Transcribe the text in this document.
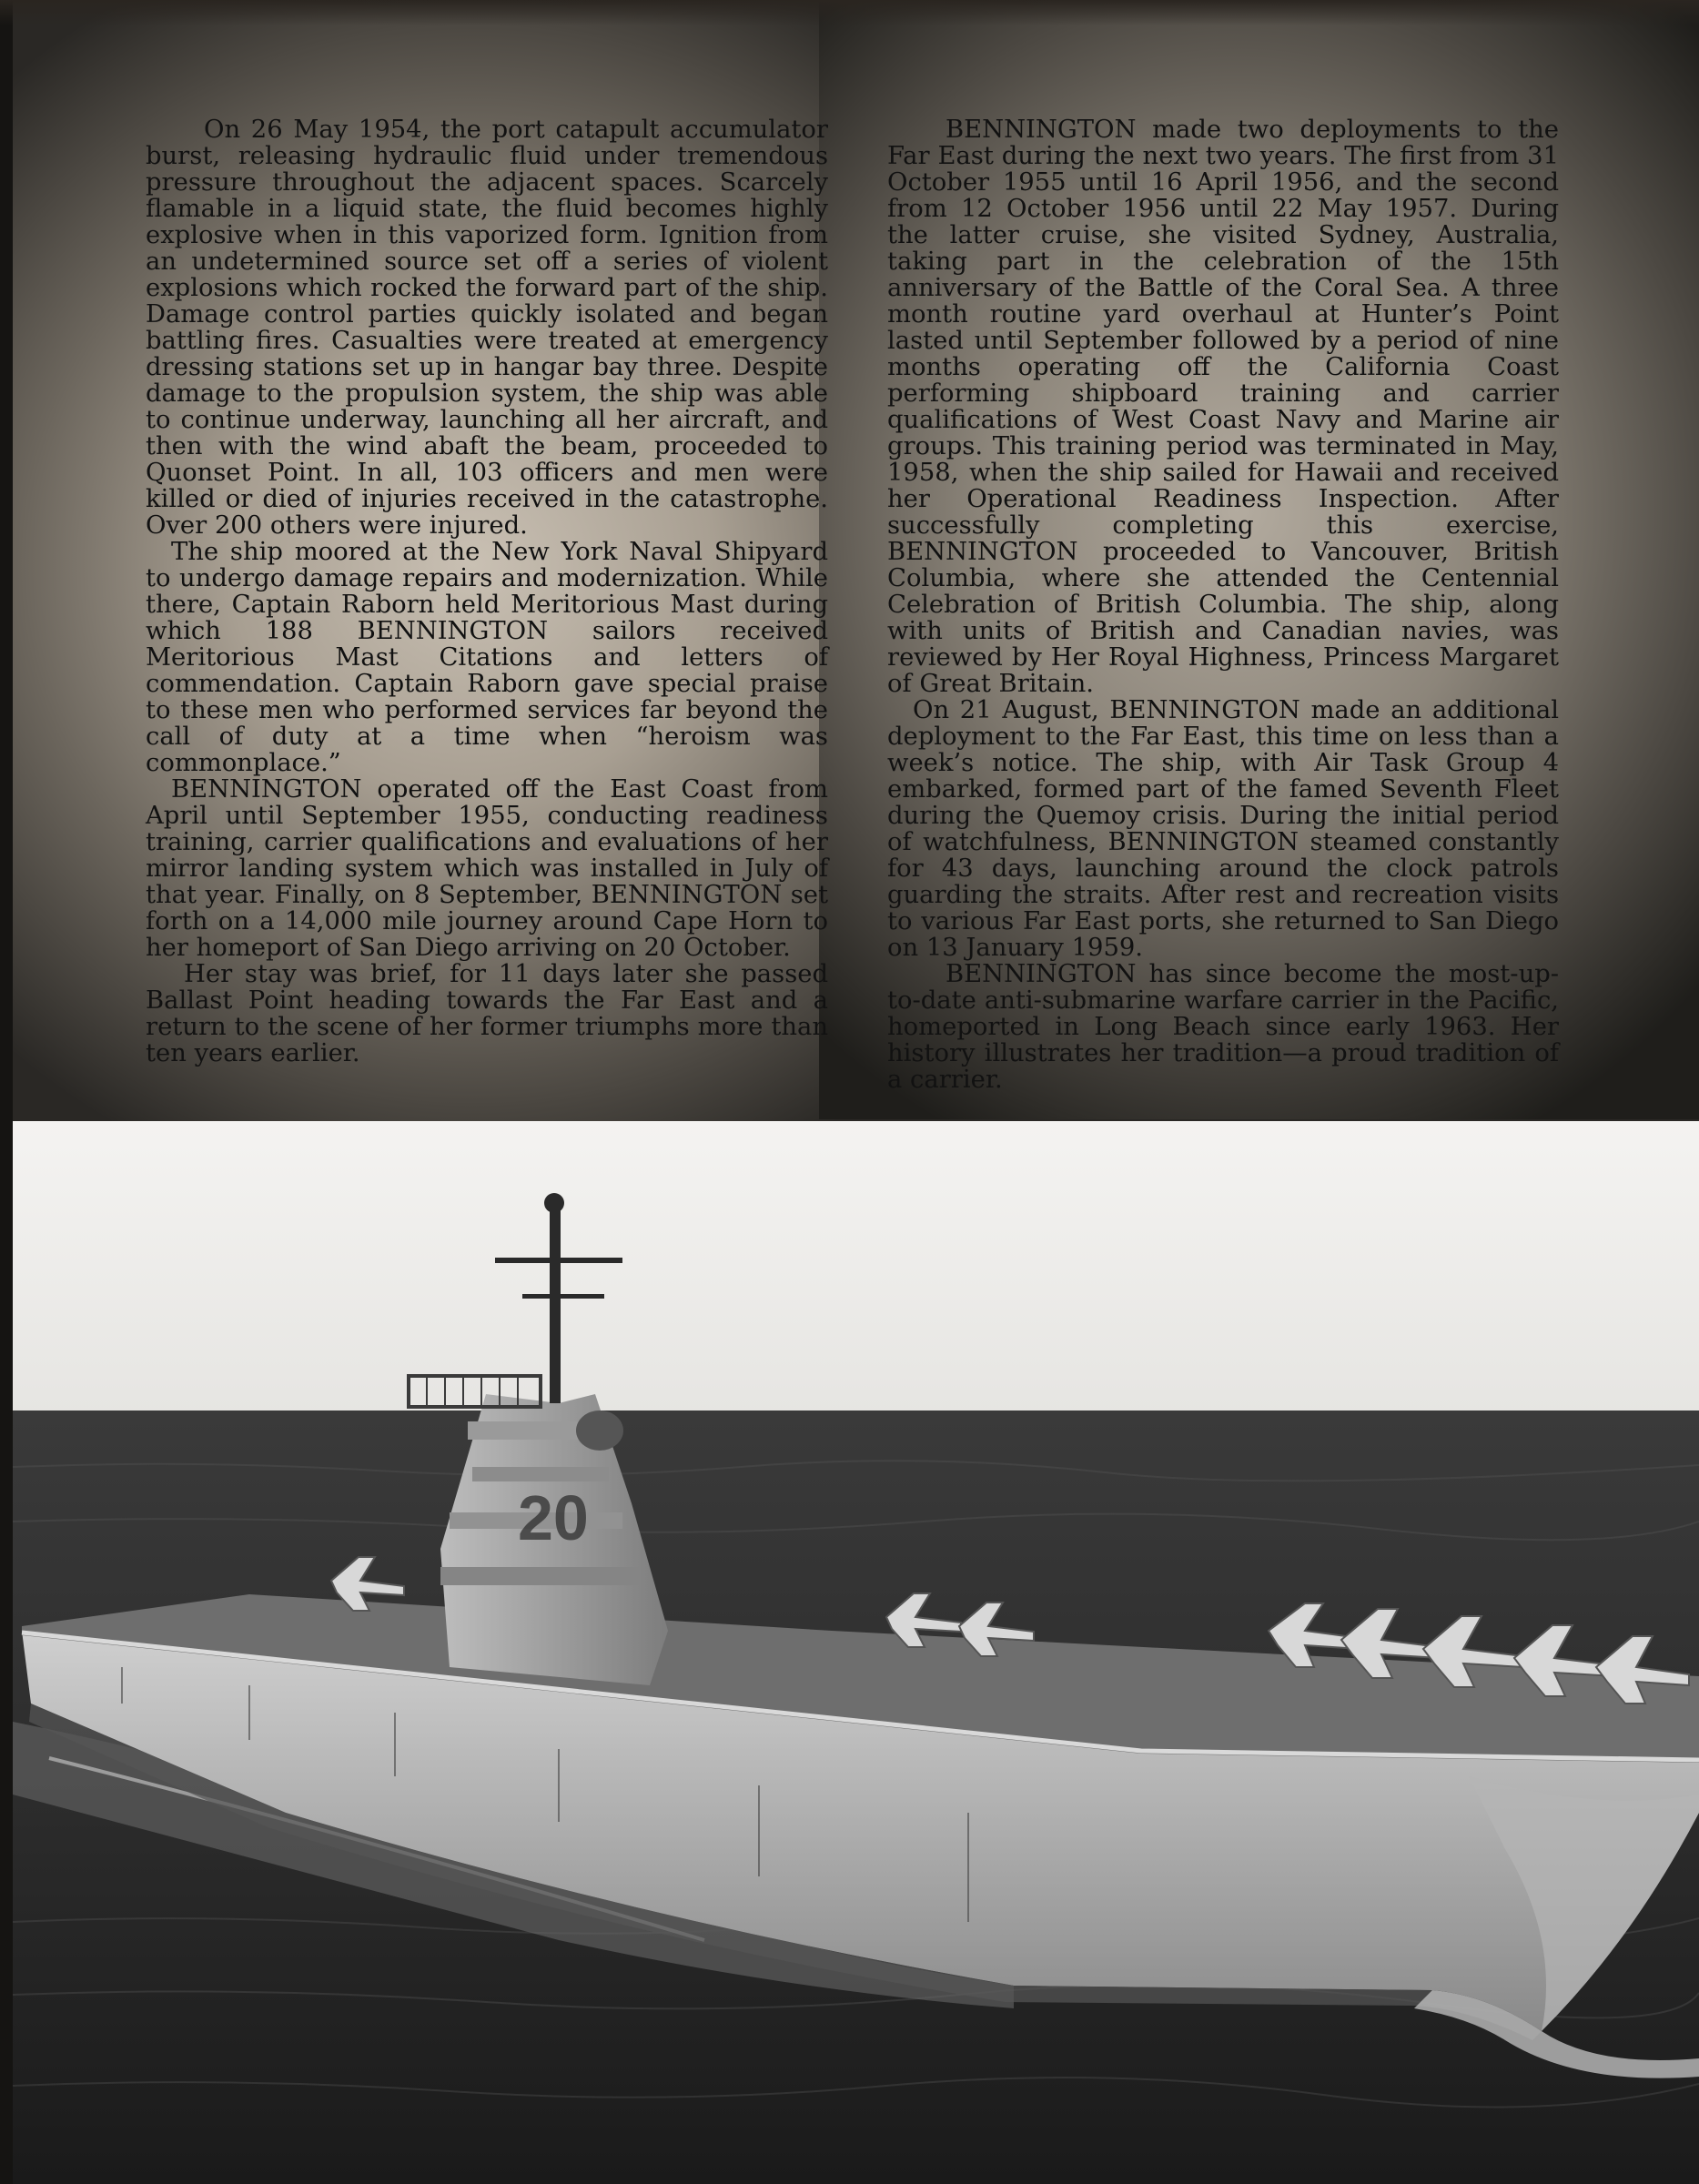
On 26 May 1954, the port catapult accumulator burst, releasing hydraulic fluid under tremendous pressure throughout the adjacent spaces. Scarcely flamable in a liquid state, the fluid becomes highly explosive when in this vaporized form. Ignition from an undetermined source set off a series of violent explosions which rocked the forward part of the ship. Damage control parties quickly isolated and began battling fires. Casualties were treated at emergency dressing stations set up in hangar bay three. Despite damage to the propulsion system, the ship was able to continue underway, launching all her aircraft, and then with the wind abaft the beam, proceeded to Quonset Point. In all, 103 officers and men were killed or died of injuries received in the catastrophe. Over 200 others were injured.

The ship moored at the New York Naval Shipyard to undergo damage repairs and modernization. While there, Captain Raborn held Meritorious Mast during which 188 BENNINGTON sailors received Meritorious Mast Citations and letters of commendation. Captain Raborn gave special praise to these men who performed services far beyond the call of duty at a time when “heroism was commonplace.”

BENNINGTON operated off the East Coast from April until September 1955, conducting readiness training, carrier qualifications and evaluations of her mirror landing system which was installed in July of that year. Finally, on 8 September, BENNINGTON set forth on a 14,000 mile journey around Cape Horn to her homeport of San Diego arriving on 20 October.

Her stay was brief, for 11 days later she passed Ballast Point heading towards the Far East and a return to the scene of her former triumphs more than ten years earlier.

BENNINGTON made two deployments to the Far East during the next two years. The first from 31 October 1955 until 16 April 1956, and the second from 12 October 1956 until 22 May 1957. During the latter cruise, she visited Sydney, Australia, taking part in the celebration of the 15th anniversary of the Battle of the Coral Sea. A three month routine yard overhaul at Hunter’s Point lasted until September followed by a period of nine months operating off the California Coast performing shipboard training and carrier qualifications of West Coast Navy and Marine air groups. This training period was terminated in May, 1958, when the ship sailed for Hawaii and received her Operational Readiness Inspection. After successfully completing this exercise, BENNINGTON proceeded to Vancouver, British Columbia, where she attended the Centennial Celebration of British Columbia. The ship, along with units of British and Canadian navies, was reviewed by Her Royal Highness, Princess Margaret of Great Britain.

On 21 August, BENNINGTON made an additional deployment to the Far East, this time on less than a week’s notice. The ship, with Air Task Group 4 embarked, formed part of the famed Seventh Fleet during the Quemoy crisis. During the initial period of watchfulness, BENNINGTON steamed constantly for 43 days, launching around the clock patrols guarding the straits. After rest and recreation visits to various Far East ports, she returned to San Diego on 13 January 1959.

BENNINGTON has since become the most-up-to-date anti-submarine warfare carrier in the Pacific, homeported in Long Beach since early 1963. Her history illustrates her tradition—a proud tradition of a carrier.

20
